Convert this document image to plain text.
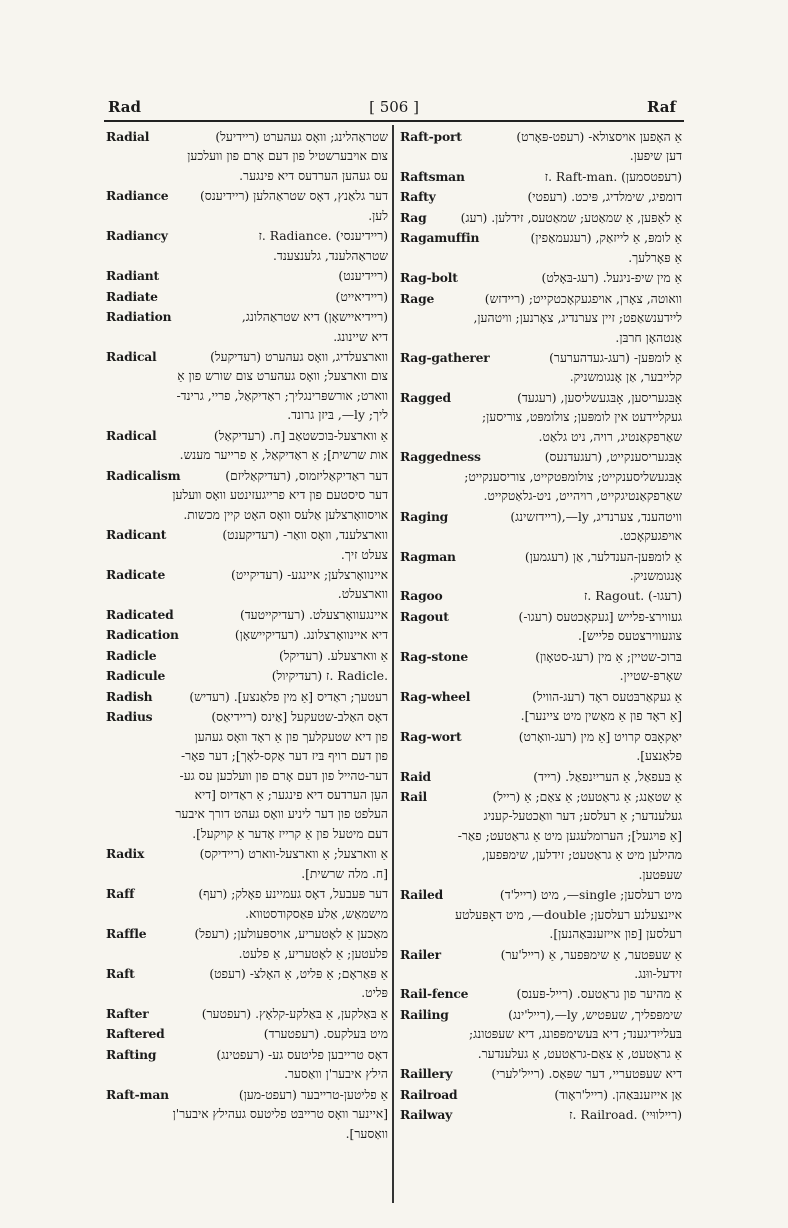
Rad	[ 506 ]	Raf
Radial	שטראַהלינג; וואָס געהערט (ריידיעל)
צום אויבערשטיל פון דעם אָרם פון וועלכען
עס געהען הערדעס דיא פינגער.
Radiance	דער גלאַנץ, דאָס שטראַהלען (ריידיענס)
לען.
Radiancy	(ריידיענסי) .Radiance .ז
שטראַהלענד, גלענצענד.
Radiant	(ריידיענט)
Radiate	(ריידיאייט)
Radiation	(ריידיאיישאָן) דיא שטראַהלונג,
דיא שיינונג.
Radical	ווארצעלדיג, וואָס געהערט (רעדיקעל)
צום ווארצעל; וואָס געהערט צום שורש פון אַ
ווארט; אורשפּרינגליך; ראַדיקאַל, פריי, גרינד-
ליך; ly—, בּיזן גרונד.
Radical	אַ ווארצעל-בּוכשטאַב [ח. (רעדיקאַל)
אות שרשית]; אַ ראַדיקאַל, אַ פרייער מענש.
Radicalism	דער ראַדיקאַליזמוס, (רעדיקאַליזם)
דער סיסטעם פון דיא פרייגעזינטע וואָס וועלען
אויסוואָרצלען אַלעס וואָס האָט קיין מכשות.
Radicant	ווארצלענד, וואָס וואַר- (רעדיקענט)
צעלט זיך.
Radicate	איינוואָרצלען; איינגע- (רעדיקייט)
ווארצעלט.
Radicated	איינגעוואָרצעלט. (רעדיקייטעד)
Radication	דיא איינוואָרצלונג. (רעדיקיישאָן)
Radicle	אַ ווארצעלע. (רעדיקל)
Radicule	.Radicle .ז (רעדיקיול)
Radish	רעטעך; ראַדיס [אַ מין פלאַנצע]. (רעדיש)
Radius	דאָס האַלב-שטעקעל [אַינס (ריידיאַס)
פון דיא שטעקלעך פון אַ ראָד וואָס געהען
פון דעם רויף בּיז דער אַקס-לאָך]; דער פאָר-
דער-טהייל פון דעם אָרם פון וועלכען עס גע-
העַן הערדעס דיא פינגער; אַ ראַדיוס [דיא
העלפט פון דער ליניע וואָס געהט דורך איבער
דעם מיטעל פון אַ קרייז אָדער אַ קויקעל].
Radix	אַ ווארצעל; אַ ווארצעל-ווארט (ריידיקס)
[ח. מלה שרשית].
Raff	דער פּעבעל, דאָס געמיינע פאָלק; (רעף)
מישמאַש, אַלע פּאַסקודסטווא.
Raffle	מאַכען אַ לאָטעריע, אויספּעולען; (רעפל)
פלעטען; אַ לאָטעריע, אַ פלעט.
Raft	אַ פּאַראָם; אַ פּליט, אַ האָלצ- (רעפט)
פּליט.
Rafter	אַ בּאַלקען, אַ בּאַלקע-קלאָץ. (רעפטער)
Raftered	מיט בּעלקעס. (רעפטערד)
Rafting	דאָס טרייבען פליטעס גע- (רעפטינג)
הילץ איבער'ן וואַסער.
Raft-man	אַ פליטען-טרייבער (רעפט-מען)
[איינער וואָס טרייבּט פליטעס געהילץ איבער'ן
וואַסער].
Raft-port	אַ האָפען אויסצולא- (רעפט-פּאָרט)
דען שיפען.
Raftsman	(רעפטסמען) .Raft-man .ז
Rafty	דומפיג, שימלדיג, פּיכט. (רעפטי)
Rag	אַ לאַפּען, אַ שמאַטע; שמאַטעס, זידלען. (רעג)
Ragamuffin	אַ לומפּ, אַ לייזאַק, (רעגעמאַפין)
אַ פּאָרלעך.
Rag-bolt	אַ מין שיפ-ניגעל. (רעג-בּאָלט)
Rage	וואוטה, צאָרן, אויפגעקאָכטקייט; (ריידזש)
לייִדענשאַפט; זיין צערנדיג, צאָרנען; וויטהען,
אַנטהאָן חרבּן.
Rag-gatherer	אַ לומפּען- (רעג-געדהערער)
קלייבער, אַן אָנגומשניק.
Ragged	אָבּגעריסען, אָבּגעשליסען, (רעגעד)
געקליידעט אין לומפּען; צולומפּט, צוריסען;
שאַרפקאַנטיג, רויה, ניט גלאַט.
Raggedness	אָבּגעריסענקייט, (רעגעדנעס)
אָבּגעשליסענקייט; צולומפּטקייט, צוריסענקייט;
שאַרפקאַנטיגקייט, רויהייט, ניט-גלאַטקייט.
Raging	וויטהענד, צערנדיג, ly—,(ריידזשינג)
אויפגעקאָכט.
Ragman	אַ לומפּען-הענדלער, אַן (רעגמען)
אָנגומשניק.
Ragoo	(רעגו-) .Ragout .ז
Ragout	געווירצ-פלייש [געקאָכטעס (רעגו-)
צוגעווירצטעס פלייש].
Rag-stone	בּרוכ-שטיין; אַ מין (רעג-סטאָון)
שאָרפּ-שטיין.
Rag-wheel	אַ געקאַרבּטעס ראָד (רעג-הוויל)
[אַ ראָד פון אַ מאַשין מיט ציינער].
Rag-wort	יאַקאָבּס קרויט [אַ מין (רעג-וואָרט)
פלאַנצע].
Raid	אַ בּעפאַל, אַ הערייִנפאַל. (רייד)
Rail	אַ שטאַנג; אַ גראַטעט; אַ צאַם; אַ (רייל)
געלענדער; אַ רעלסע; דער וואַכטעל-קעניג
[אַ פויגעל]; הערומלעגען מיט אַ גראַטעט; פאַר-
מהילען מיט אַ גראַטעט; זידלען, שימפּפען,
שעפּטען.
Railed	מיט רעלסען; single—, מיט (רייל'ד)
אייִנצעלנע רעלסען; double—, מיט דאָפּעלטע
רעלסען [פון אייזענבּאַהנען].
Railer	אַ שעפּטער, אַ שימפּפער, אַ (רייל'ער)
זידעל-ווּנג.
Rail-fence	אַ מהיער פון גראַטעס. (רייל-פּענס)
Railing	שימפּפליך, שעפּטיש, ly—,(רייל'ינג)
בּעלייִדיגענד; דיא בּעשימפּפונג, דיא שעפּטונג;
אַ גראַטעט, אַ צאַם-גראַטעט, אַ געלענדער.
Raillery	דיא שעפּטעריי, דער שפּאַס. (רייל'לערי)
Railroad	אַן אייזענבּאַהן. (רייל'ראָוד)
Railway	(ריילווּיי) .Railroad .ז
